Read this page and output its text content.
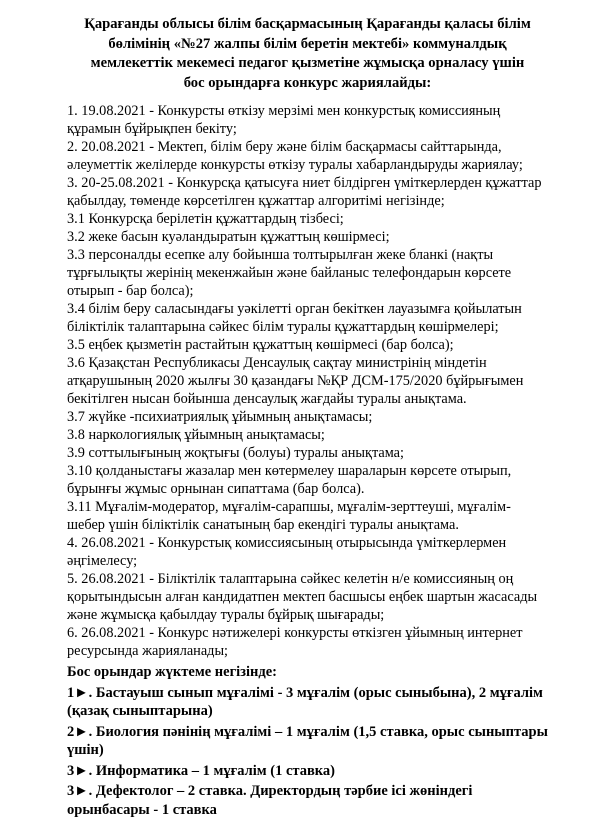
Қарағанды облысы білім басқармасының Қарағанды қаласы білім бөлімінің «№27 жалпы білім беретін мектебі» коммуналдық мемлекеттік мекемесі педагог қызметіне жұмысқа орналасу үшін бос орындарға конкурс жариялайды:

1. 19.08.2021 - Конкурсты өткізу мерзімі мен конкурстық комиссияның құрамын бұйрықпен бекіту;

2. 20.08.2021 - Мектеп, білім беру және білім басқармасы сайттарында, әлеуметтік желілерде конкурсты өткізу туралы хабарландыруды жариялау;

3. 20-25.08.2021 - Конкурсқа қатысуға ниет білдірген үміткерлерден құжаттар қабылдау, төменде көрсетілген құжаттар алгоритімі негізінде;

3.1 Конкурсқа берілетін құжаттардың тізбесі;

3.2 жеке басын куәландыратын құжаттың көшірмесі;

3.3 персоналды есепке алу бойынша толтырылған жеке бланкі (нақты тұрғылықты жерінің мекенжайын және байланыс телефондарын көрсете отырып - бар болса);

3.4 білім беру саласындағы уәкілетті орган бекіткен лауазымға қойылатын біліктілік талаптарына сәйкес білім туралы құжаттардың көшірмелері;

3.5 еңбек қызметін растайтын құжаттың көшірмесі (бар болса);

3.6 Қазақстан Республикасы Денсаулық сақтау министрінің міндетін атқарушының 2020 жылғы 30 қазандағы №ҚР ДСМ-175/2020 бұйрығымен бекітілген нысан бойынша денсаулық жағдайы туралы анықтама.

3.7 жүйке -психиатриялық ұйымның анықтамасы;

3.8 наркологиялық ұйымның анықтамасы;

3.9 соттылығының жоқтығы (болуы) туралы анықтама;

3.10 қолданыстағы жазалар мен көтермелеу шараларын көрсете отырып, бұрынғы жұмыс орнынан сипаттама (бар болса).

3.11 Мұғалім-модератор, мұғалім-сарапшы, мұғалім-зерттеуші, мұғалім-шебер үшін біліктілік санатының бар екендігі туралы анықтама.

4. 26.08.2021 - Конкурстық комиссиясының отырысында үміткерлермен әңгімелесу;

5. 26.08.2021 - Біліктілік талаптарына сәйкес келетін н/е комиссияның оң қорытындысын алған кандидатпен мектеп басшысы еңбек шартын жасасады және жұмысқа қабылдау туралы бұйрық шығарады;

6. 26.08.2021 - Конкурс нәтижелері конкурсты өткізген ұйымның интернет ресурсында жарияланады;

Бос орындар жүктеме негізінде:

1►. Бастауыш сынып мұғалімі - 3 мұғалім (орыс сыныбына), 2 мұғалім (қазақ сыныптарына)

2►. Биология пәнінің мұғалімі – 1 мұғалім (1,5 ставка, орыс сыныптары үшін)

3►. Информатика – 1 мұғалім (1 ставка)

3►. Дефектолог – 2 ставка. Директордың тәрбие ісі жөніндегі орынбасары - 1 ставка
